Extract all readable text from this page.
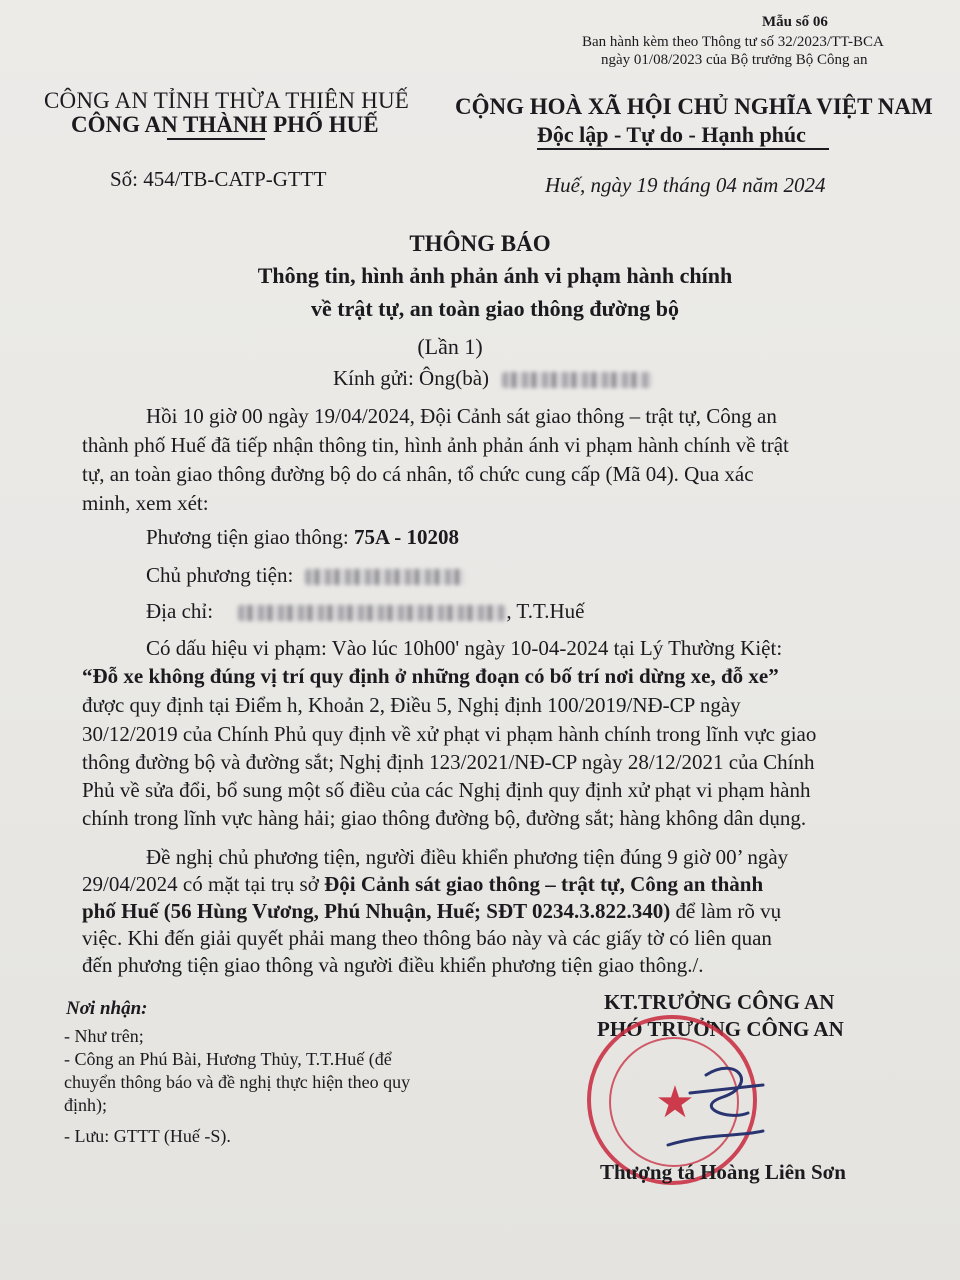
Mẫu số 06
Ban hành kèm theo Thông tư số 32/2023/TT-BCA
ngày 01/08/2023 của Bộ trưởng Bộ Công an
CÔNG AN TỈNH THỪA THIÊN HUẾ
CÔNG AN THÀNH PHỐ HUẾ
Số: 454/TB-CATP-GTTT
CỘNG HOÀ XÃ HỘI CHỦ NGHĨA VIỆT NAM
Độc lập - Tự do - Hạnh phúc
Huế, ngày 19 tháng 04 năm 2024
THÔNG BÁO
Thông tin, hình ảnh phản ánh vi phạm hành chính
về trật tự, an toàn giao thông đường bộ
(Lần 1)
Kính gửi: Ông(bà)
Hồi 10 giờ 00 ngày 19/04/2024, Đội Cảnh sát giao thông – trật tự, Công an
thành phố Huế đã tiếp nhận thông tin, hình ảnh phản ánh vi phạm hành chính về trật
tự, an toàn giao thông đường bộ do cá nhân, tổ chức cung cấp (Mã 04). Qua xác
minh, xem xét:
Phương tiện giao thông: 75A - 10208
Chủ phương tiện:
Địa chỉ:	, T.T.Huế
Có dấu hiệu vi phạm: Vào lúc 10h00' ngày 10-04-2024 tại Lý Thường Kiệt:
“Đỗ xe không đúng vị trí quy định ở những đoạn có bố trí nơi dừng xe, đỗ xe”
được quy định tại Điểm h, Khoản 2, Điều 5, Nghị định 100/2019/NĐ-CP ngày
30/12/2019 của Chính Phủ quy định về xử phạt vi phạm hành chính trong lĩnh vực giao
thông đường bộ và đường sắt; Nghị định 123/2021/NĐ-CP ngày 28/12/2021 của Chính
Phủ về sửa đổi, bổ sung một số điều của các Nghị định quy định xử phạt vi phạm hành
chính trong lĩnh vực hàng hải; giao thông đường bộ, đường sắt; hàng không dân dụng.
Đề nghị chủ phương tiện, người điều khiển phương tiện đúng 9 giờ 00’ ngày
29/04/2024 có mặt tại trụ sở Đội Cảnh sát giao thông – trật tự, Công an thành
phố Huế (56 Hùng Vương, Phú Nhuận, Huế; SĐT 0234.3.822.340) để làm rõ vụ
việc. Khi đến giải quyết phải mang theo thông báo này và các giấy tờ có liên quan
đến phương tiện giao thông và người điều khiển phương tiện giao thông./.
Nơi nhận:
- Như trên;
- Công an Phú Bài, Hương Thủy, T.T.Huế (để
chuyển thông báo và đề nghị thực hiện theo quy
định);
- Lưu: GTTT (Huế -S).
KT.TRƯỞNG CÔNG AN
PHÓ TRƯỞNG CÔNG AN
★
Thượng tá Hoàng Liên Sơn
